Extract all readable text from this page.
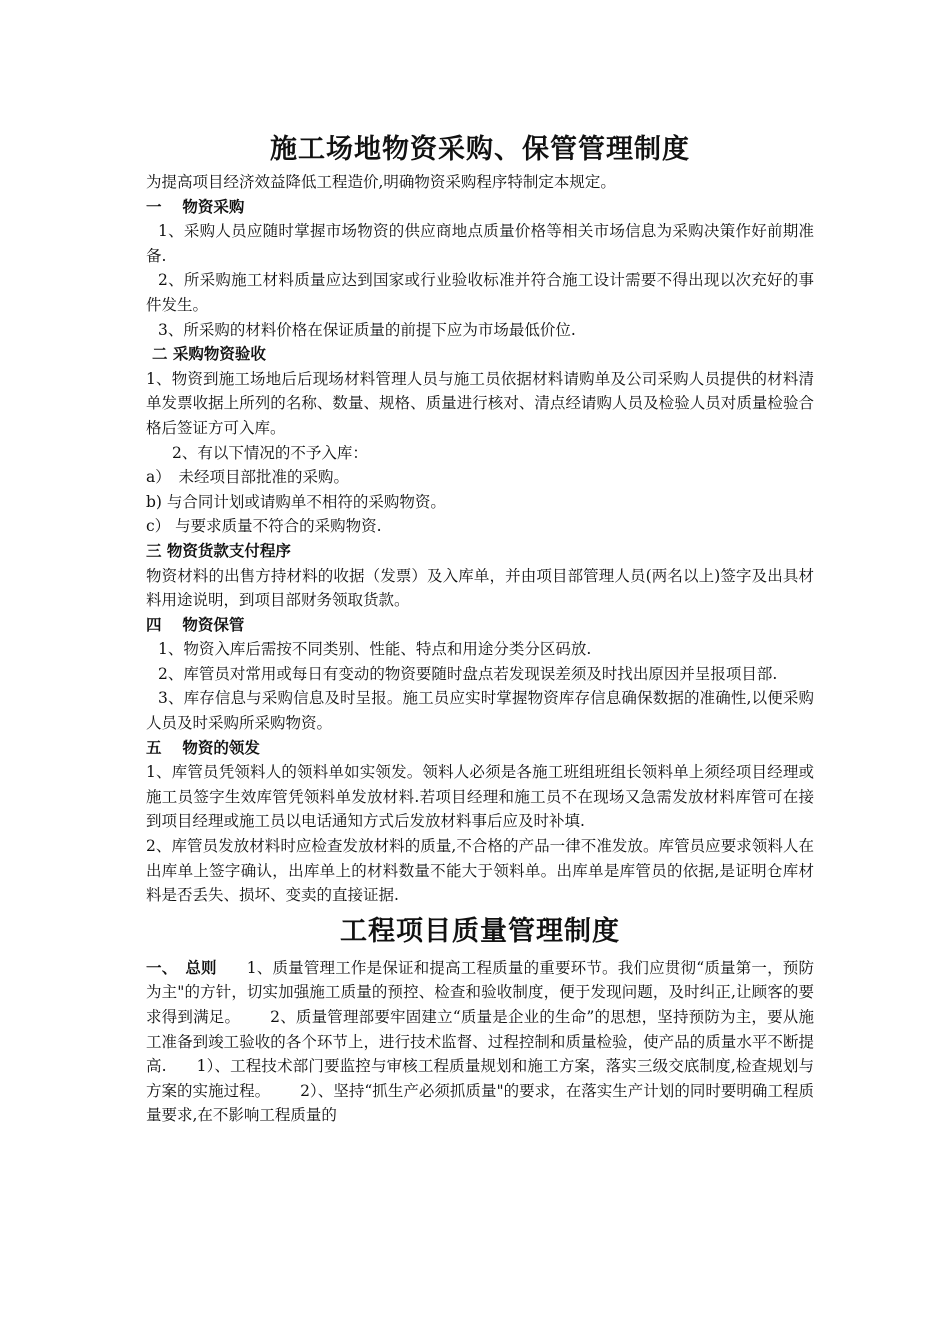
施工场地物资采购、保管管理制度

为提高项目经济效益降低工程造价,明确物资采购程序特制定本规定。

一　 物资采购

1、采购人员应随时掌握市场物资的供应商地点质量价格等相关市场信息为采购决策作好前期准备.

2、所采购施工材料质量应达到国家或行业验收标准并符合施工设计需要不得出现以次充好的事件发生。

3、所采购的材料价格在保证质量的前提下应为市场最低价位.

二 采购物资验收

1、物资到施工场地后后现场材料管理人员与施工员依据材料请购单及公司采购人员提供的材料清单发票收据上所列的名称、数量、规格、质量进行核对、清点经请购人员及检验人员对质量检验合格后签证方可入库。

2、有以下情况的不予入库：

a）　未经项目部批准的采购。

b) 与合同计划或请购单不相符的采购物资。

c） 与要求质量不符合的采购物资.

三 物资货款支付程序

物资材料的出售方持材料的收据（发票）及入库单，并由项目部管理人员(两名以上)签字及出具材料用途说明，到项目部财务领取货款。

四　 物资保管

1、物资入库后需按不同类别、性能、特点和用途分类分区码放.

2、库管员对常用或每日有变动的物资要随时盘点若发现误差须及时找出原因并呈报项目部.

3、库存信息与采购信息及时呈报。施工员应实时掌握物资库存信息确保数据的准确性,以便采购人员及时采购所采购物资。

五　 物资的领发

1、库管员凭领料人的领料单如实领发。领料人必须是各施工班组班组长领料单上须经项目经理或施工员签字生效库管凭领料单发放材料.若项目经理和施工员不在现场又急需发放材料库管可在接到项目经理或施工员以电话通知方式后发放材料事后应及时补填.

2、库管员发放材料时应检查发放材料的质量,不合格的产品一律不准发放。库管员应要求领料人在出库单上签字确认，出库单上的材料数量不能大于领料单。出库单是库管员的依据,是证明仓库材料是否丢失、损坏、变卖的直接证据.

工程项目质量管理制度

一、　总则 1、质量管理工作是保证和提高工程质量的重要环节。我们应贯彻“质量第一，预防为主"的方针，切实加强施工质量的预控、检查和验收制度，便于发现问题，及时纠正,让顾客的要求得到满足。 2、质量管理部要牢固建立“质量是企业的生命”的思想，坚持预防为主，要从施工准备到竣工验收的各个环节上，进行技术监督、过程控制和质量检验，使产品的质量水平不断提高. 1）、工程技术部门要监控与审核工程质量规划和施工方案，落实三级交底制度,检查规划与方案的实施过程。 2）、坚持“抓生产必须抓质量"的要求，在落实生产计划的同时要明确工程质量要求,在不影响工程质量的
